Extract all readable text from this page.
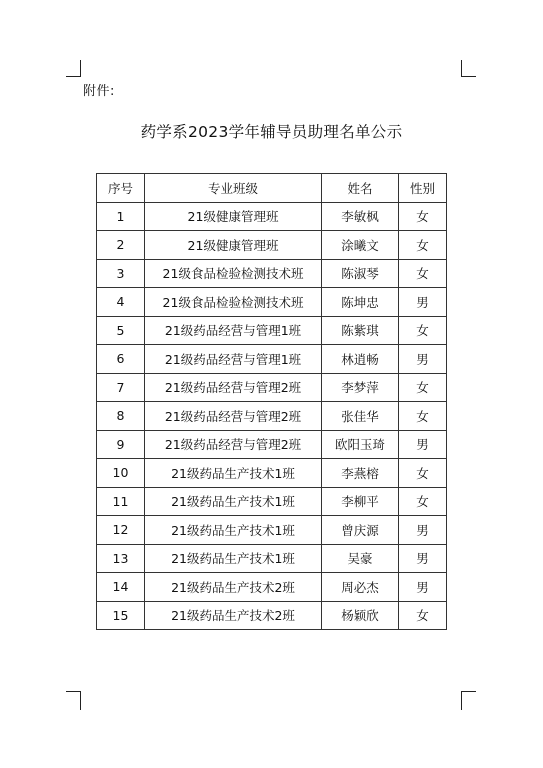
附件:
药学系2023学年辅导员助理名单公示
序号	专业班级	姓名	性别
1	21级健康管理班	李敏枫	女
2	21级健康管理班	涂曦文	女
3	21级食品检验检测技术班	陈淑琴	女
4	21级食品检验检测技术班	陈坤忠	男
5	21级药品经营与管理1班	陈紫琪	女
6	21级药品经营与管理1班	林逍畅	男
7	21级药品经营与管理2班	李梦萍	女
8	21级药品经营与管理2班	张佳华	女
9	21级药品经营与管理2班	欧阳玉琦	男
10	21级药品生产技术1班	李燕榕	女
11	21级药品生产技术1班	李柳平	女
12	21级药品生产技术1班	曾庆源	男
13	21级药品生产技术1班	吴豪	男
14	21级药品生产技术2班	周必杰	男
15	21级药品生产技术2班	杨颖欣	女
